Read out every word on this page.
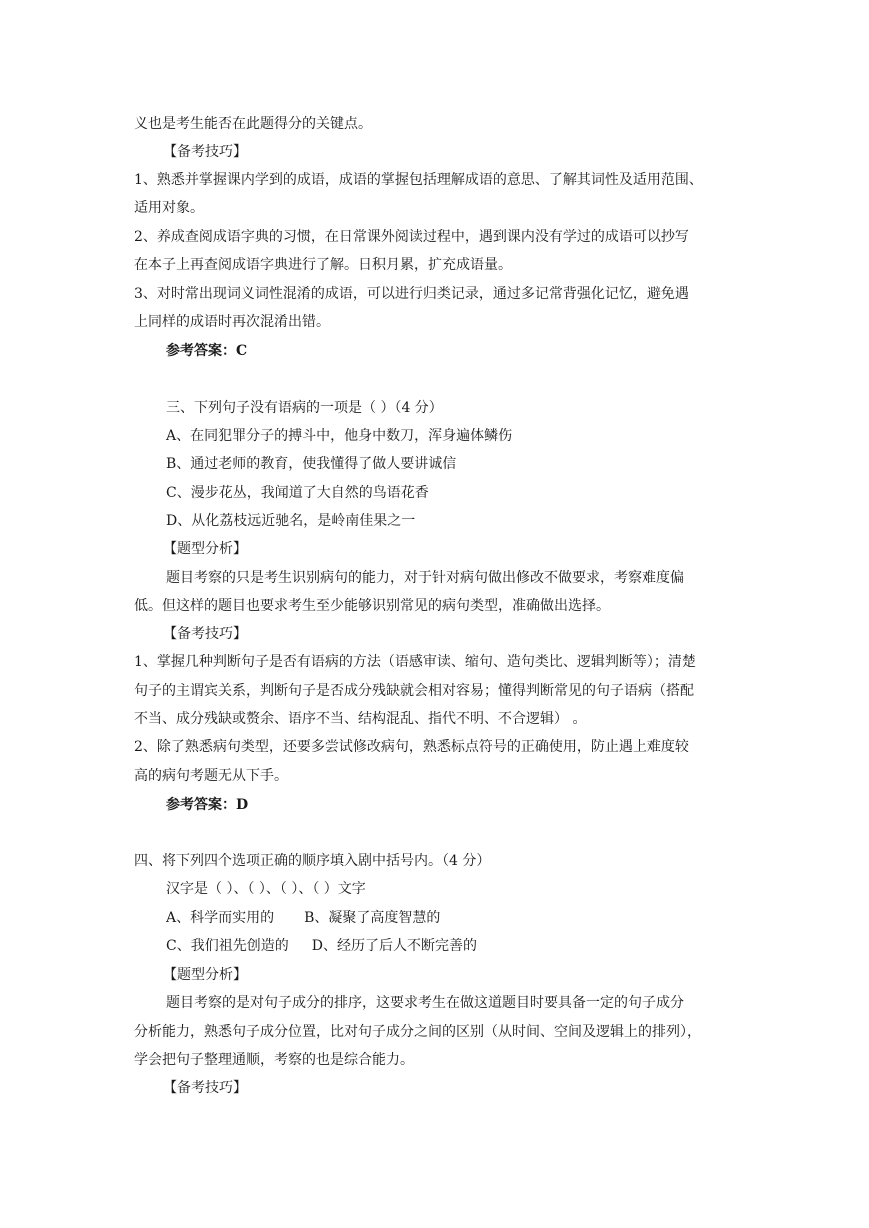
义也是考生能否在此题得分的关键点。
【备考技巧】
1、熟悉并掌握课内学到的成语，成语的掌握包括理解成语的意思、了解其词性及适用范围、
适用对象。
2、养成查阅成语字典的习惯，在日常课外阅读过程中，遇到课内没有学过的成语可以抄写
在本子上再查阅成语字典进行了解。日积月累，扩充成语量。
3、对时常出现词义词性混淆的成语，可以进行归类记录，通过多记常背强化记忆，避免遇
上同样的成语时再次混淆出错。
参考答案：C
三、下列句子没有语病的一项是（ ）（4 分）
A、在同犯罪分子的搏斗中，他身中数刀，浑身遍体鳞伤
B、通过老师的教育，使我懂得了做人要讲诚信
C、漫步花丛，我闻道了大自然的鸟语花香
D、从化荔枝远近驰名，是岭南佳果之一
【题型分析】
题目考察的只是考生识别病句的能力，对于针对病句做出修改不做要求，考察难度偏
低。但这样的题目也要求考生至少能够识别常见的病句类型，准确做出选择。
【备考技巧】
1、掌握几种判断句子是否有语病的方法（语感审读、缩句、造句类比、逻辑判断等）；清楚
句子的主谓宾关系，判断句子是否成分残缺就会相对容易；懂得判断常见的句子语病（搭配
不当、成分残缺或赘余、语序不当、结构混乱、指代不明、不合逻辑） 。
2、除了熟悉病句类型，还要多尝试修改病句，熟悉标点符号的正确使用，防止遇上难度较
高的病句考题无从下手。
参考答案：D
四、将下列四个选项正确的顺序填入剧中括号内。（4 分）
汉字是（ ）、（ ）、（ ）、（ ）文字
A、科学而实用的 B、凝聚了高度智慧的
C、我们祖先创造的 D、经历了后人不断完善的
【题型分析】
题目考察的是对句子成分的排序，这要求考生在做这道题目时要具备一定的句子成分
分析能力，熟悉句子成分位置，比对句子成分之间的区别（从时间、空间及逻辑上的排列），
学会把句子整理通顺，考察的也是综合能力。
【备考技巧】
